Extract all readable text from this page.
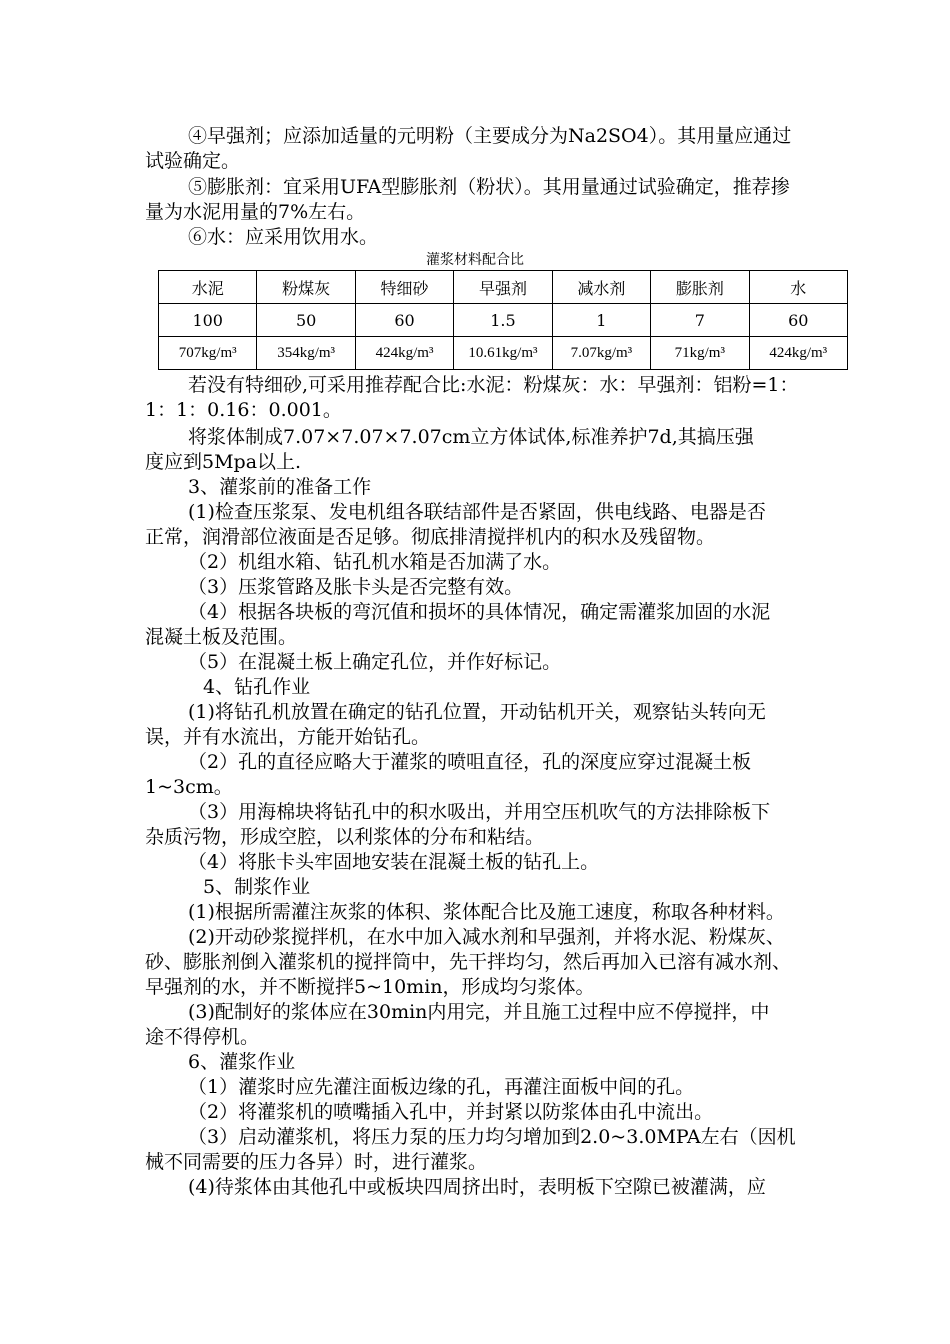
④早强剂；应添加适量的元明粉（主要成分为Na2SO4）。其用量应通过
试验确定。
⑤膨胀剂：宜采用UFA型膨胀剂（粉状）。其用量通过试验确定，推荐掺
量为水泥用量的7%左右。
⑥水：应采用饮用水。
灌浆材料配合比
水泥	粉煤灰	特细砂	早强剂	减水剂	膨胀剂	水
100	50	60	1.5	1	7	60
707kg/m³	354kg/m³	424kg/m³	10.61kg/m³	7.07kg/m³	71kg/m³	424kg/m³
若没有特细砂,可采用推荐配合比:水泥：粉煤灰：水：早强剂：铝粉=1：
1：1：0.16：0.001。
将浆体制成7.07×7.07×7.07cm立方体试体,标准养护7d,其搞压强
度应到5Mpa以上.
3、灌浆前的准备工作
(1)检查压浆泵、发电机组各联结部件是否紧固，供电线路、电器是否
正常，润滑部位液面是否足够。彻底排清搅拌机内的积水及残留物。
（2）机组水箱、钻孔机水箱是否加满了水。
（3）压浆管路及胀卡头是否完整有效。
（4）根据各块板的弯沉值和损坏的具体情况，确定需灌浆加固的水泥
混凝土板及范围。
（5）在混凝土板上确定孔位，并作好标记。
4、钻孔作业
(1)将钻孔机放置在确定的钻孔位置，开动钻机开关，观察钻头转向无
误，并有水流出，方能开始钻孔。
（2）孔的直径应略大于灌浆的喷咀直径，孔的深度应穿过混凝土板
1~3cm。
（3）用海棉块将钻孔中的积水吸出，并用空压机吹气的方法排除板下
杂质污物，形成空腔，以利浆体的分布和粘结。
（4）将胀卡头牢固地安装在混凝土板的钻孔上。
5、制浆作业
(1)根据所需灌注灰浆的体积、浆体配合比及施工速度，称取各种材料。
(2)开动砂浆搅拌机，在水中加入减水剂和早强剂，并将水泥、粉煤灰、
砂、膨胀剂倒入灌浆机的搅拌筒中，先干拌均匀，然后再加入已溶有减水剂、
早强剂的水，并不断搅拌5~10min，形成均匀浆体。
(3)配制好的浆体应在30min内用完，并且施工过程中应不停搅拌，中
途不得停机。
6、灌浆作业
（1）灌浆时应先灌注面板边缘的孔，再灌注面板中间的孔。
（2）将灌浆机的喷嘴插入孔中，并封紧以防浆体由孔中流出。
（3）启动灌浆机，将压力泵的压力均匀增加到2.0~3.0MPA左右（因机
械不同需要的压力各异）时，进行灌浆。
(4)待浆体由其他孔中或板块四周挤出时，表明板下空隙已被灌满，应
